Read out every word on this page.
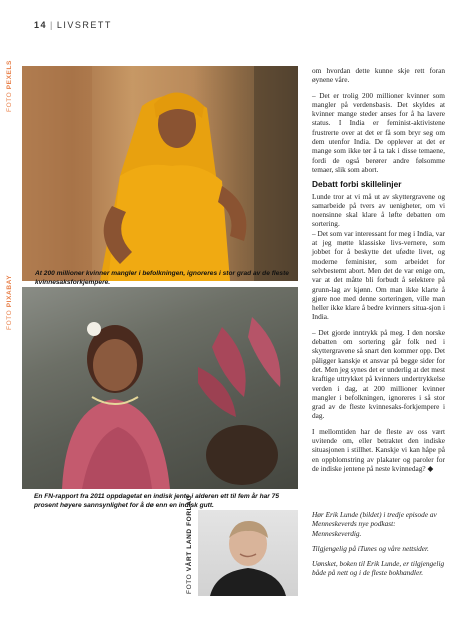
14 | LIVSRETT
FOTO PEXELS
At 200 millioner kvinner mangler i befolkningen, ignoreres i stor grad av de fleste kvinnesaksforkjempere.
FOTO PIXABAY
En FN-rapport fra 2011 oppdagetat en indisk jente i alderen ett til fem år har 75 prosent høyere sannsynlighet for å dø enn en indisk gutt.
FOTO VÅRT LAND FORLAG

om hvordan dette kunne skje rett foran øynene våre.

– Det er trolig 200 millioner kvinner som mangler på verdensbasis. Det skyldes at kvinner mange steder anses for å ha lavere status. I India er feminist-aktivistene frustrerte over at det er få som bryr seg om dem utenfor India. De opplever at det er mange som ikke tør å ta tak i disse temaene, fordi de også berører andre følsomme temaer, slik som abort.

Debatt forbi skillelinjer

Lunde tror at vi må ut av skyttergravene og samarbeide på tvers av uenigheter, om vi noensinne skal klare å løfte debatten om sortering.

– Det som var interessant for meg i India, var at jeg møtte klassiske livs-vernere, som jobbet for å beskytte det ufødte livet, og moderne feminister, som arbeidet for selvbestemt abort. Men det de var enige om, var at det måtte bli forbudt å selektere på grunn-lag av kjønn. Om man ikke klarte å gjøre noe med denne sorteringen, ville man heller ikke klare å bedre kvinners situa-sjon i India.

– Det gjorde inntrykk på meg. I den norske debatten om sortering går folk ned i skyttergravene så snart den kommer opp. Det påligger kanskje et ansvar på begge sider for det. Men jeg synes det er underlig at det mest kraftige uttrykket på kvinners undertrykkelse verden i dag, at 200 millioner kvinner mangler i befolkningen, ignoreres i så stor grad av de fleste kvinnesaks-forkjempere i dag.

I mellomtiden har de fleste av oss vært uvitende om, eller betraktet den indiske situasjonen i stillhet. Kanskje vi kan håpe på en oppblomstring av plakater og paroler for de indiske jentene på neste kvinnedag? ◆

Hør Erik Lunde (bildet) i tredje episode av Menneskeverds nye podkast: Menneskeverdig.

Tilgjengelig på iTunes og våre nettsider.

Uønsket, boken til Erik Lunde, er tilgjengelig både på nett og i de fleste bokhandler.
